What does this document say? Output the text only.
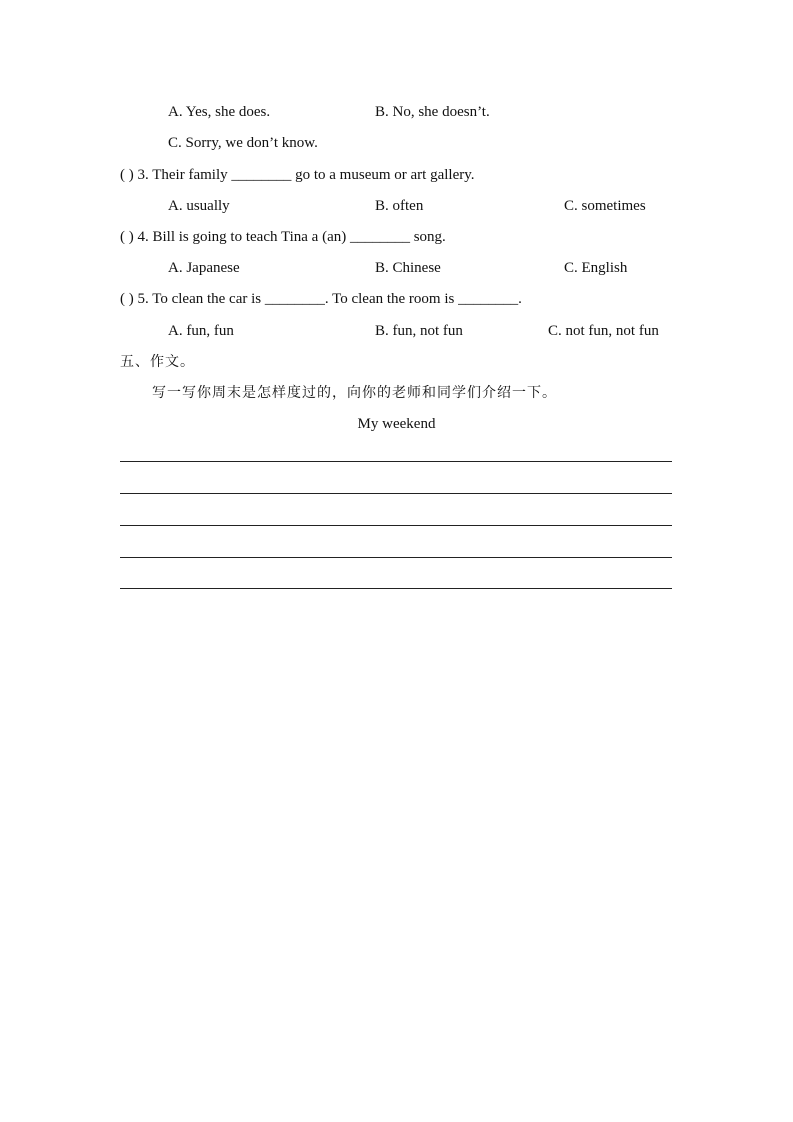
A. Yes, she does.	B. No, she doesn’t.
C. Sorry, we don’t know.
( ) 3. Their family ________ go to a museum or art gallery.
A. usually	B. often	C. sometimes
( ) 4. Bill is going to teach Tina a (an) ________ song.
A. Japanese	B. Chinese	C. English
( ) 5. To clean the car is ________. To clean the room is ________.
A. fun, fun	B. fun, not fun	C. not fun, not fun
五、作文。
写一写你周末是怎样度过的，向你的老师和同学们介绍一下。
My weekend
